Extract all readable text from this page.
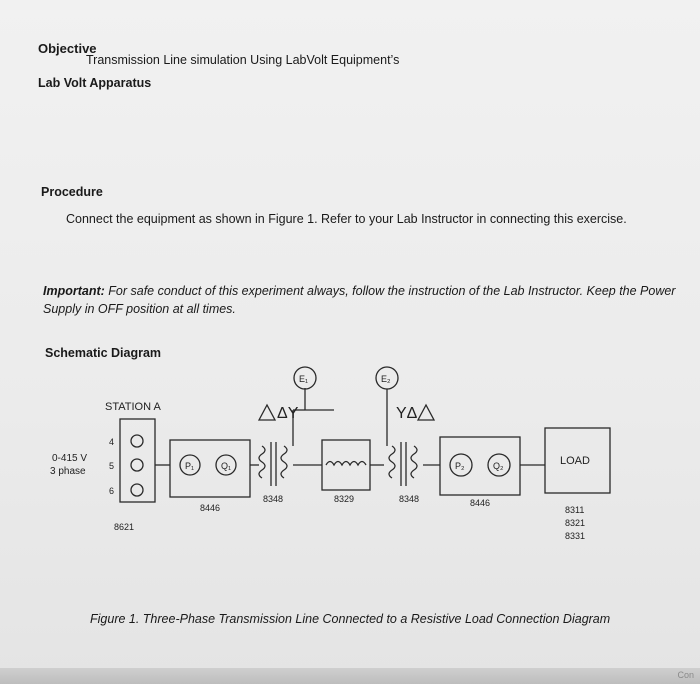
Objective
Transmission Line simulation Using LabVolt Equipment’s
Lab Volt Apparatus
Procedure
Connect the equipment as shown in Figure 1. Refer to your Lab Instructor in connecting this exercise.
Important: For safe conduct of this experiment always, follow the instruction of the Lab Instructor. Keep the Power Supply in OFF position at all times.
Schematic Diagram
STATION A
0-415 V
3 phase
4
5
6
8621
P₁	Q₁
8446
ΔY
8348
E₁
8329
E₂
YΔ
8348
P₂	Q₂
8446
LOAD
8311
8321
8331
Figure 1. Three-Phase Transmission Line Connected to a Resistive Load Connection Diagram
Con
